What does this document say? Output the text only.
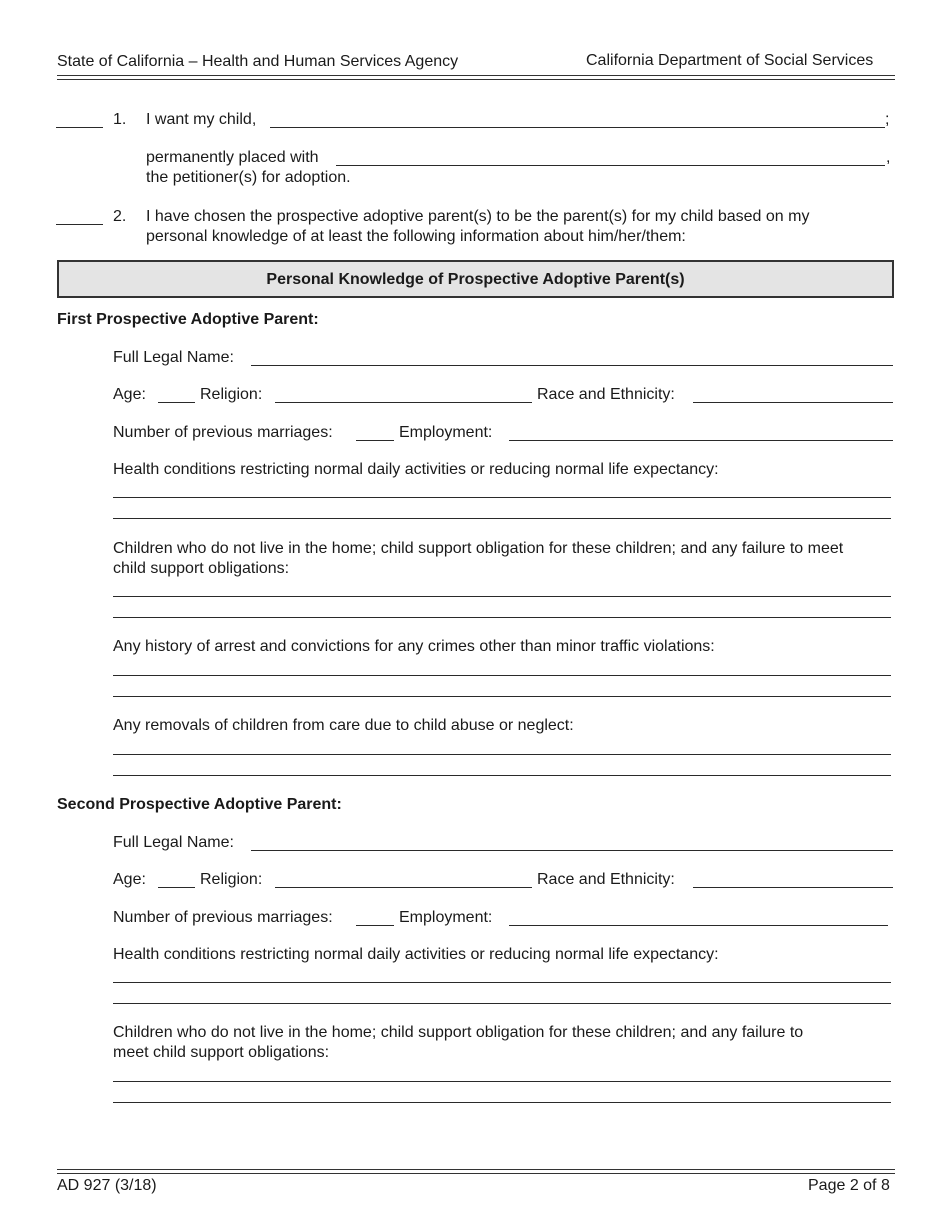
State of California – Health and Human Services Agency	California Department of Social Services
1. I want my child,	;
permanently placed with	,
the petitioner(s) for adoption.
2. I have chosen the prospective adoptive parent(s) to be the parent(s) for my child based on my
personal knowledge of at least the following information about him/her/them:
Personal Knowledge of Prospective Adoptive Parent(s)
First Prospective Adoptive Parent:
Full Legal Name:
Age:	Religion:	Race and Ethnicity:
Number of previous marriages:	Employment:
Health conditions restricting normal daily activities or reducing normal life expectancy:
Children who do not live in the home; child support obligation for these children; and any failure to meet
child support obligations:
Any history of arrest and convictions for any crimes other than minor traffic violations:
Any removals of children from care due to child abuse or neglect:
Second Prospective Adoptive Parent:
Full Legal Name:
Age:	Religion:	Race and Ethnicity:
Number of previous marriages:	Employment:
Health conditions restricting normal daily activities or reducing normal life expectancy:
Children who do not live in the home; child support obligation for these children; and any failure to
meet child support obligations:
AD 927 (3/18)	Page 2 of 8
